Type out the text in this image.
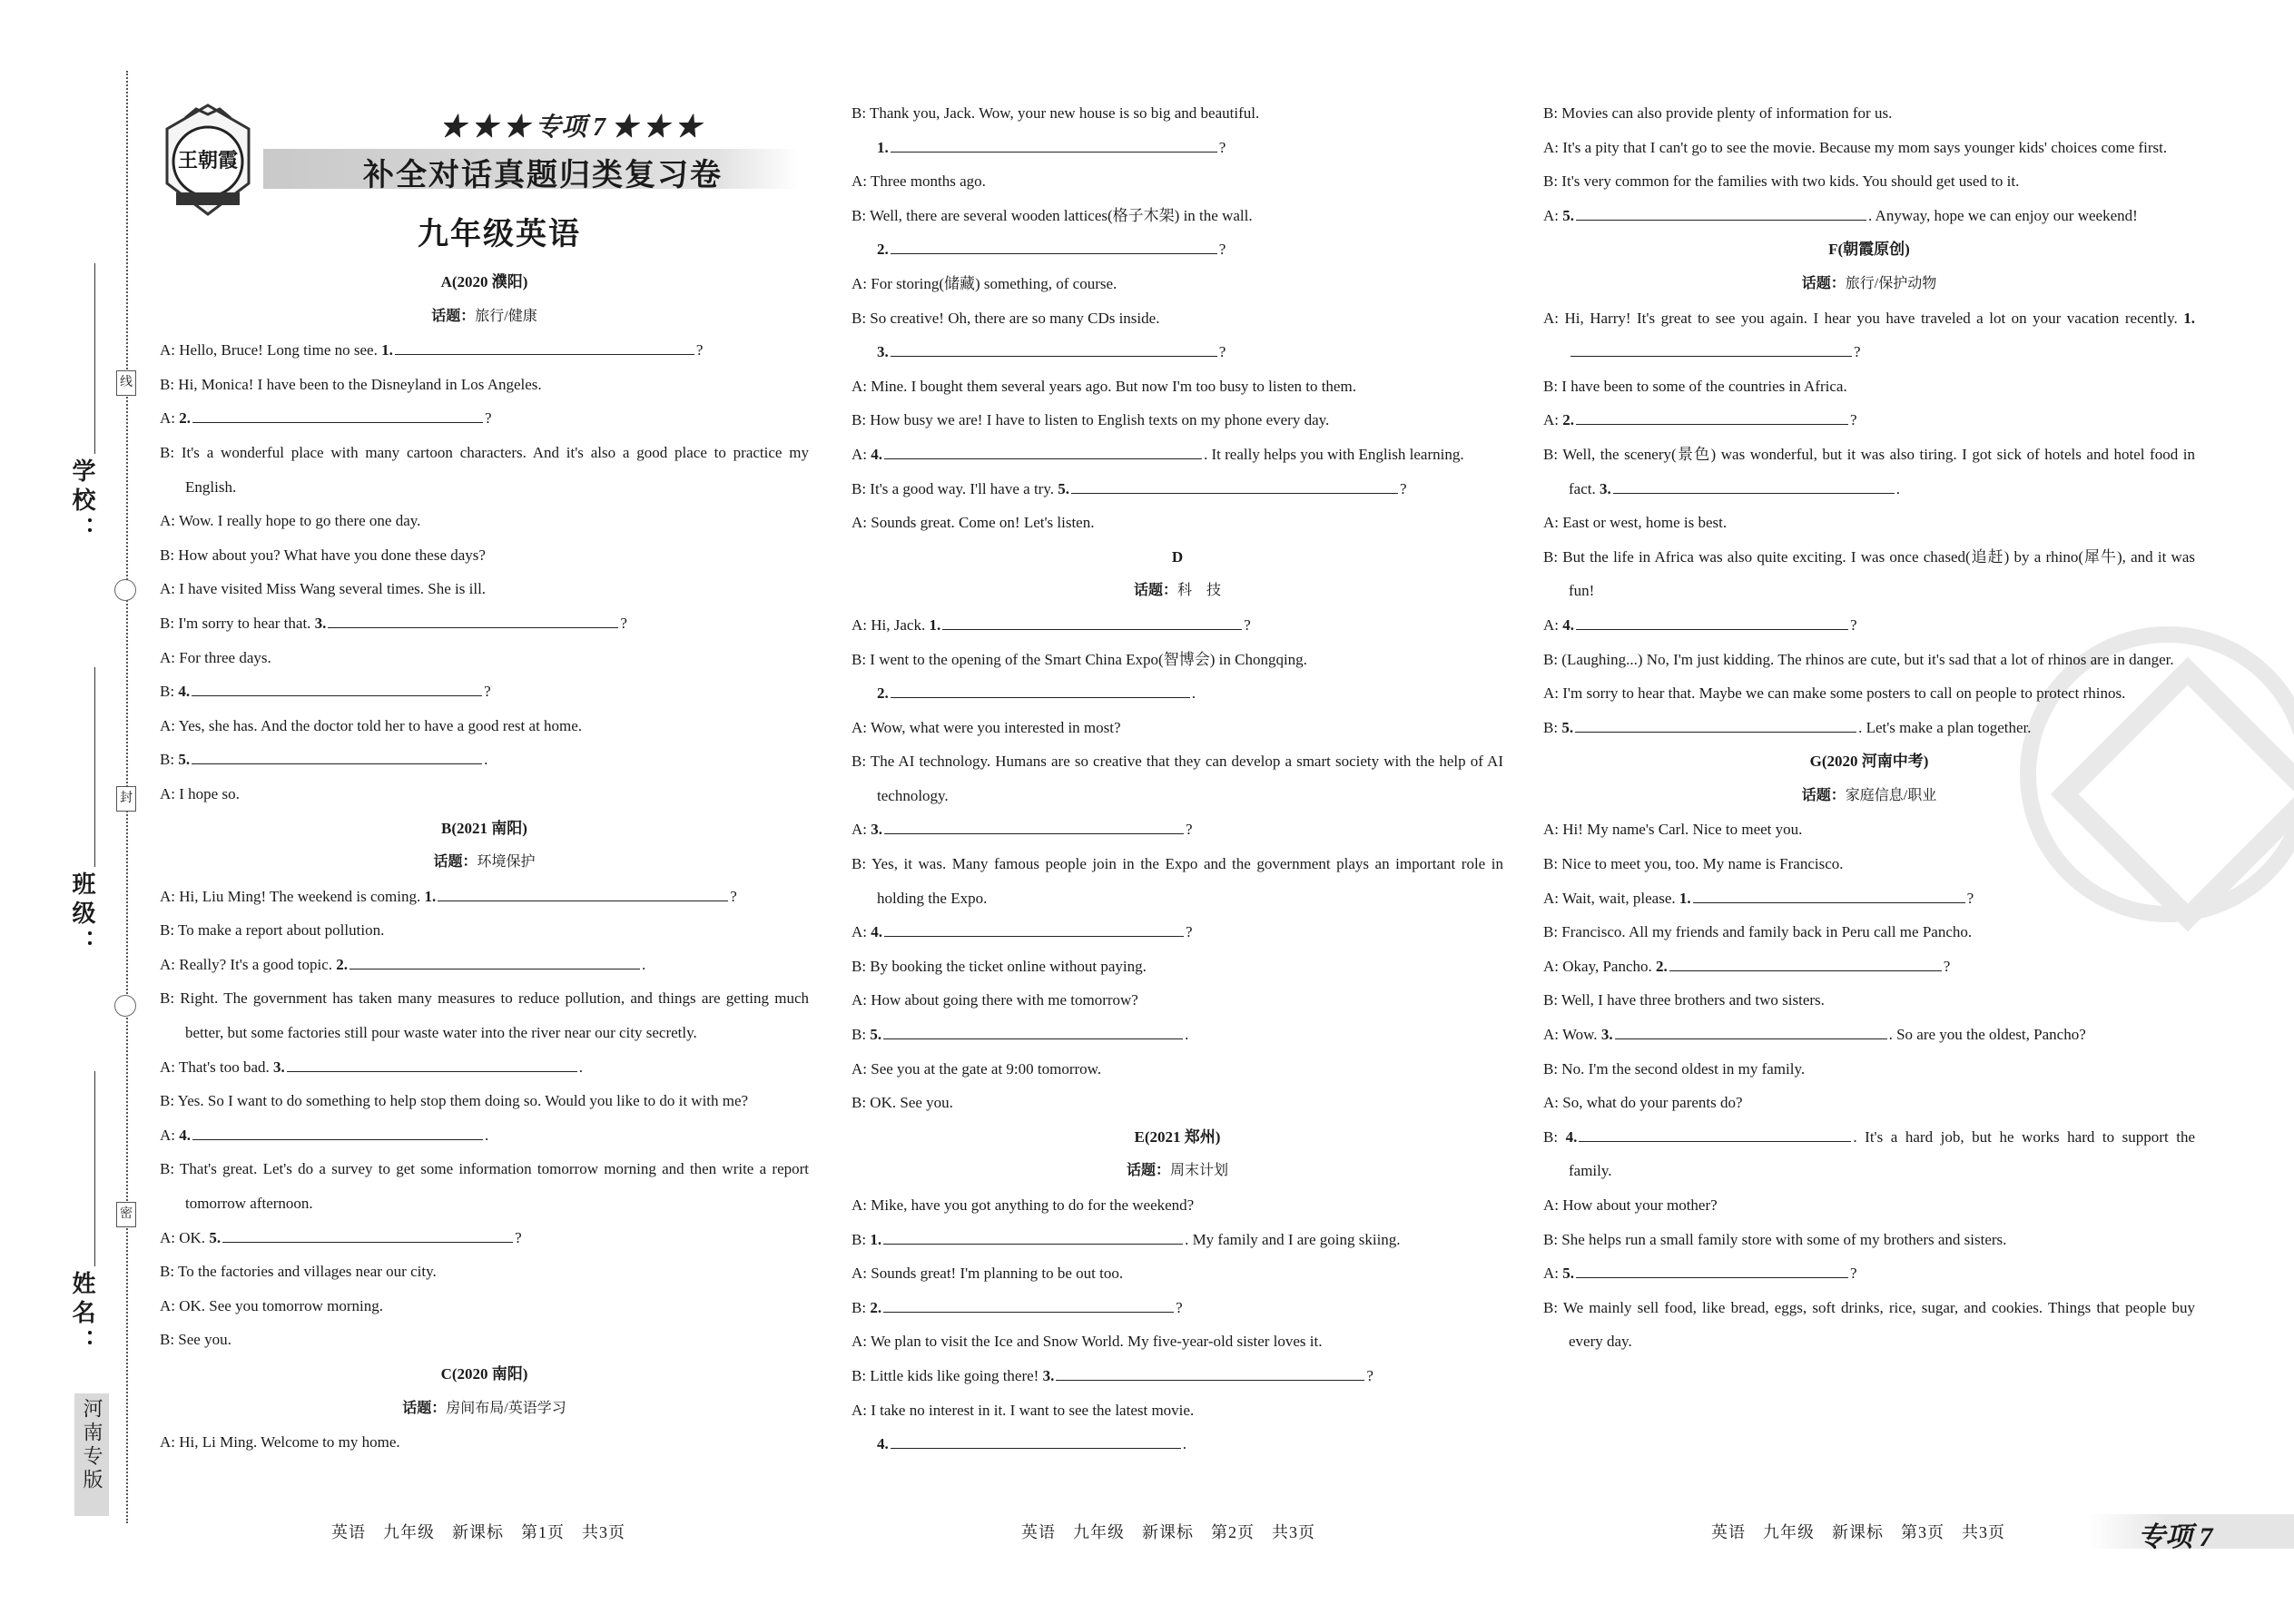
学校：
班级：
姓名：
线
封
密
河南专版
王朝霞
★ ★ ★ 专项 7 ★ ★ ★
补全对话真题归类复习卷
九年级英语
A(2020 濮阳)
话题：旅行/健康
A: Hello, Bruce! Long time no see. 1.	?
B: Hi, Monica! I have been to the Disneyland in Los Angeles.
A: 2.	?
B: It's a wonderful place with many cartoon characters. And it's also a good place to practice my English.
A: Wow. I really hope to go there one day.
B: How about you? What have you done these days?
A: I have visited Miss Wang several times. She is ill.
B: I'm sorry to hear that. 3.	?
A: For three days.
B: 4.	?
A: Yes, she has. And the doctor told her to have a good rest at home.
B: 5.	.
A: I hope so.
B(2021 南阳)
话题：环境保护
A: Hi, Liu Ming! The weekend is coming. 1.	?
B: To make a report about pollution.
A: Really? It's a good topic. 2.	.
B: Right. The government has taken many measures to reduce pollution, and things are getting much better, but some factories still pour waste water into the river near our city secretly.
A: That's too bad. 3.	.
B: Yes. So I want to do something to help stop them doing so. Would you like to do it with me?
A: 4.	.
B: That's great. Let's do a survey to get some information tomorrow morning and then write a report tomorrow afternoon.
A: OK. 5.	?
B: To the factories and villages near our city.
A: OK. See you tomorrow morning.
B: See you.
C(2020 南阳)
话题：房间布局/英语学习
A: Hi, Li Ming. Welcome to my home.
B: Thank you, Jack. Wow, your new house is so big and beautiful.
1.	?
A: Three months ago.
B: Well, there are several wooden lattices(格子木架) in the wall.
2.	?
A: For storing(储藏) something, of course.
B: So creative! Oh, there are so many CDs inside.
3.	?
A: Mine. I bought them several years ago. But now I'm too busy to listen to them.
B: How busy we are! I have to listen to English texts on my phone every day.
A: 4.	. It really helps you with English learning.
B: It's a good way. I'll have a try. 5.	?
A: Sounds great. Come on! Let's listen.
D
话题：科　技
A: Hi, Jack. 1.	?
B: I went to the opening of the Smart China Expo(智博会) in Chongqing.
2.	.
A: Wow, what were you interested in most?
B: The AI technology. Humans are so creative that they can develop a smart society with the help of AI technology.
A: 3.	?
B: Yes, it was. Many famous people join in the Expo and the government plays an important role in holding the Expo.
A: 4.	?
B: By booking the ticket online without paying.
A: How about going there with me tomorrow?
B: 5.	.
A: See you at the gate at 9:00 tomorrow.
B: OK. See you.
E(2021 郑州)
话题：周末计划
A: Mike, have you got anything to do for the weekend?
B: 1.	. My family and I are going skiing.
A: Sounds great! I'm planning to be out too.
B: 2.	?
A: We plan to visit the Ice and Snow World. My five-year-old sister loves it.
B: Little kids like going there! 3.	?
A: I take no interest in it. I want to see the latest movie.
4.	.
B: Movies can also provide plenty of information for us.
A: It's a pity that I can't go to see the movie. Because my mom says younger kids' choices come first.
B: It's very common for the families with two kids. You should get used to it.
A: 5.	. Anyway, hope we can enjoy our weekend!
F(朝霞原创)
话题：旅行/保护动物
A: Hi, Harry! It's great to see you again. I hear you have traveled a lot on your vacation recently. 1.?
B: I have been to some of the countries in Africa.
A: 2.	?
B: Well, the scenery(景色) was wonderful, but it was also tiring. I got sick of hotels and hotel food in fact. 3.	.
A: East or west, home is best.
B: But the life in Africa was also quite exciting. I was once chased(追赶) by a rhino(犀牛), and it was fun!
A: 4.	?
B: (Laughing...) No, I'm just kidding. The rhinos are cute, but it's sad that a lot of rhinos are in danger.
A: I'm sorry to hear that. Maybe we can make some posters to call on people to protect rhinos.
B: 5.	. Let's make a plan together.
G(2020 河南中考)
话题：家庭信息/职业
A: Hi! My name's Carl. Nice to meet you.
B: Nice to meet you, too. My name is Francisco.
A: Wait, wait, please. 1.	?
B: Francisco. All my friends and family back in Peru call me Pancho.
A: Okay, Pancho. 2.	?
B: Well, I have three brothers and two sisters.
A: Wow. 3.	. So are you the oldest, Pancho?
B: No. I'm the second oldest in my family.
A: So, what do your parents do?
B: 4.	. It's a hard job, but he works hard to support the family.
A: How about your mother?
B: She helps run a small family store with some of my brothers and sisters.
A: 5.	?
B: We mainly sell food, like bread, eggs, soft drinks, rice, sugar, and cookies. Things that people buy every day.
英语　九年级　新课标　第1页　共3页	英语　九年级　新课标　第2页　共3页	英语　九年级　新课标　第3页　共3页	专项 7
